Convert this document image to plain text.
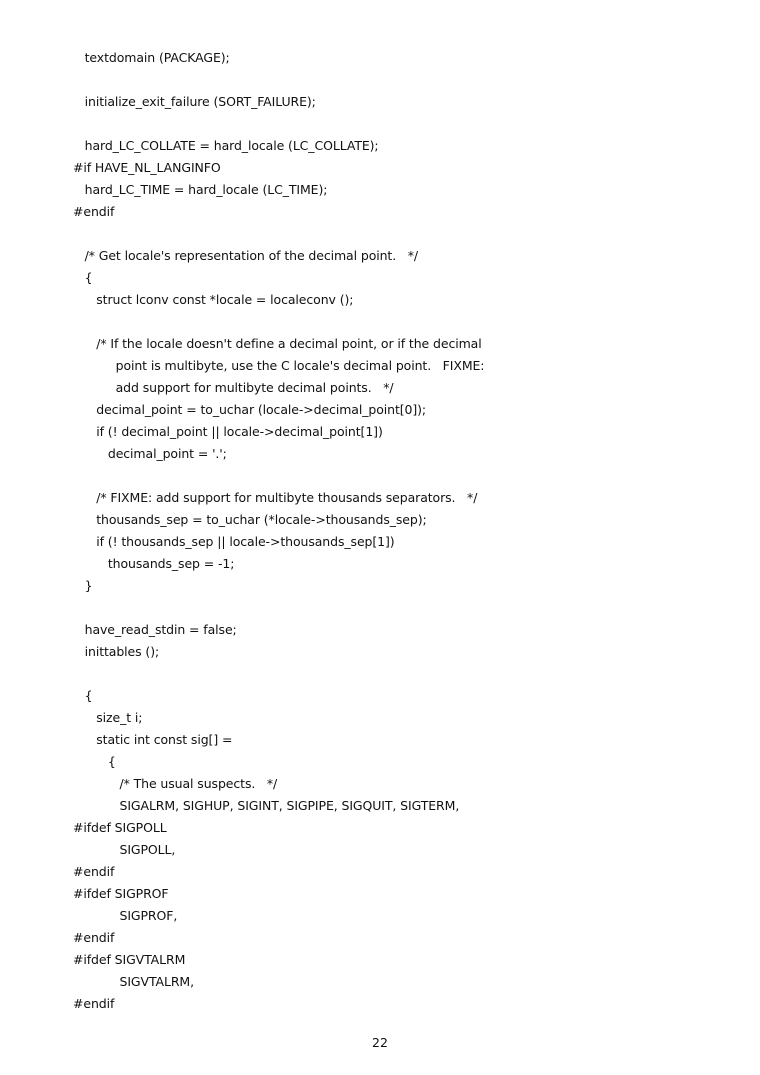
textdomain (PACKAGE);
initialize_exit_failure (SORT_FAILURE);
hard_LC_COLLATE = hard_locale (LC_COLLATE);
#if HAVE_NL_LANGINFO
hard_LC_TIME = hard_locale (LC_TIME);
#endif
/* Get locale's representation of the decimal point.   */
{
struct lconv const *locale = localeconv ();
/* If the locale doesn't define a decimal point, or if the decimal
point is multibyte, use the C locale's decimal point.   FIXME:
add support for multibyte decimal points.   */
decimal_point = to_uchar (locale->decimal_point[0]);
if (! decimal_point || locale->decimal_point[1])
decimal_point = '.';
/* FIXME: add support for multibyte thousands separators.   */
thousands_sep = to_uchar (*locale->thousands_sep);
if (! thousands_sep || locale->thousands_sep[1])
thousands_sep = -1;
}
have_read_stdin = false;
inittables ();
{
size_t i;
static int const sig[] =
{
/* The usual suspects.   */
SIGALRM, SIGHUP, SIGINT, SIGPIPE, SIGQUIT, SIGTERM,
#ifdef SIGPOLL
SIGPOLL,
#endif
#ifdef SIGPROF
SIGPROF,
#endif
#ifdef SIGVTALRM
SIGVTALRM,
#endif
22
